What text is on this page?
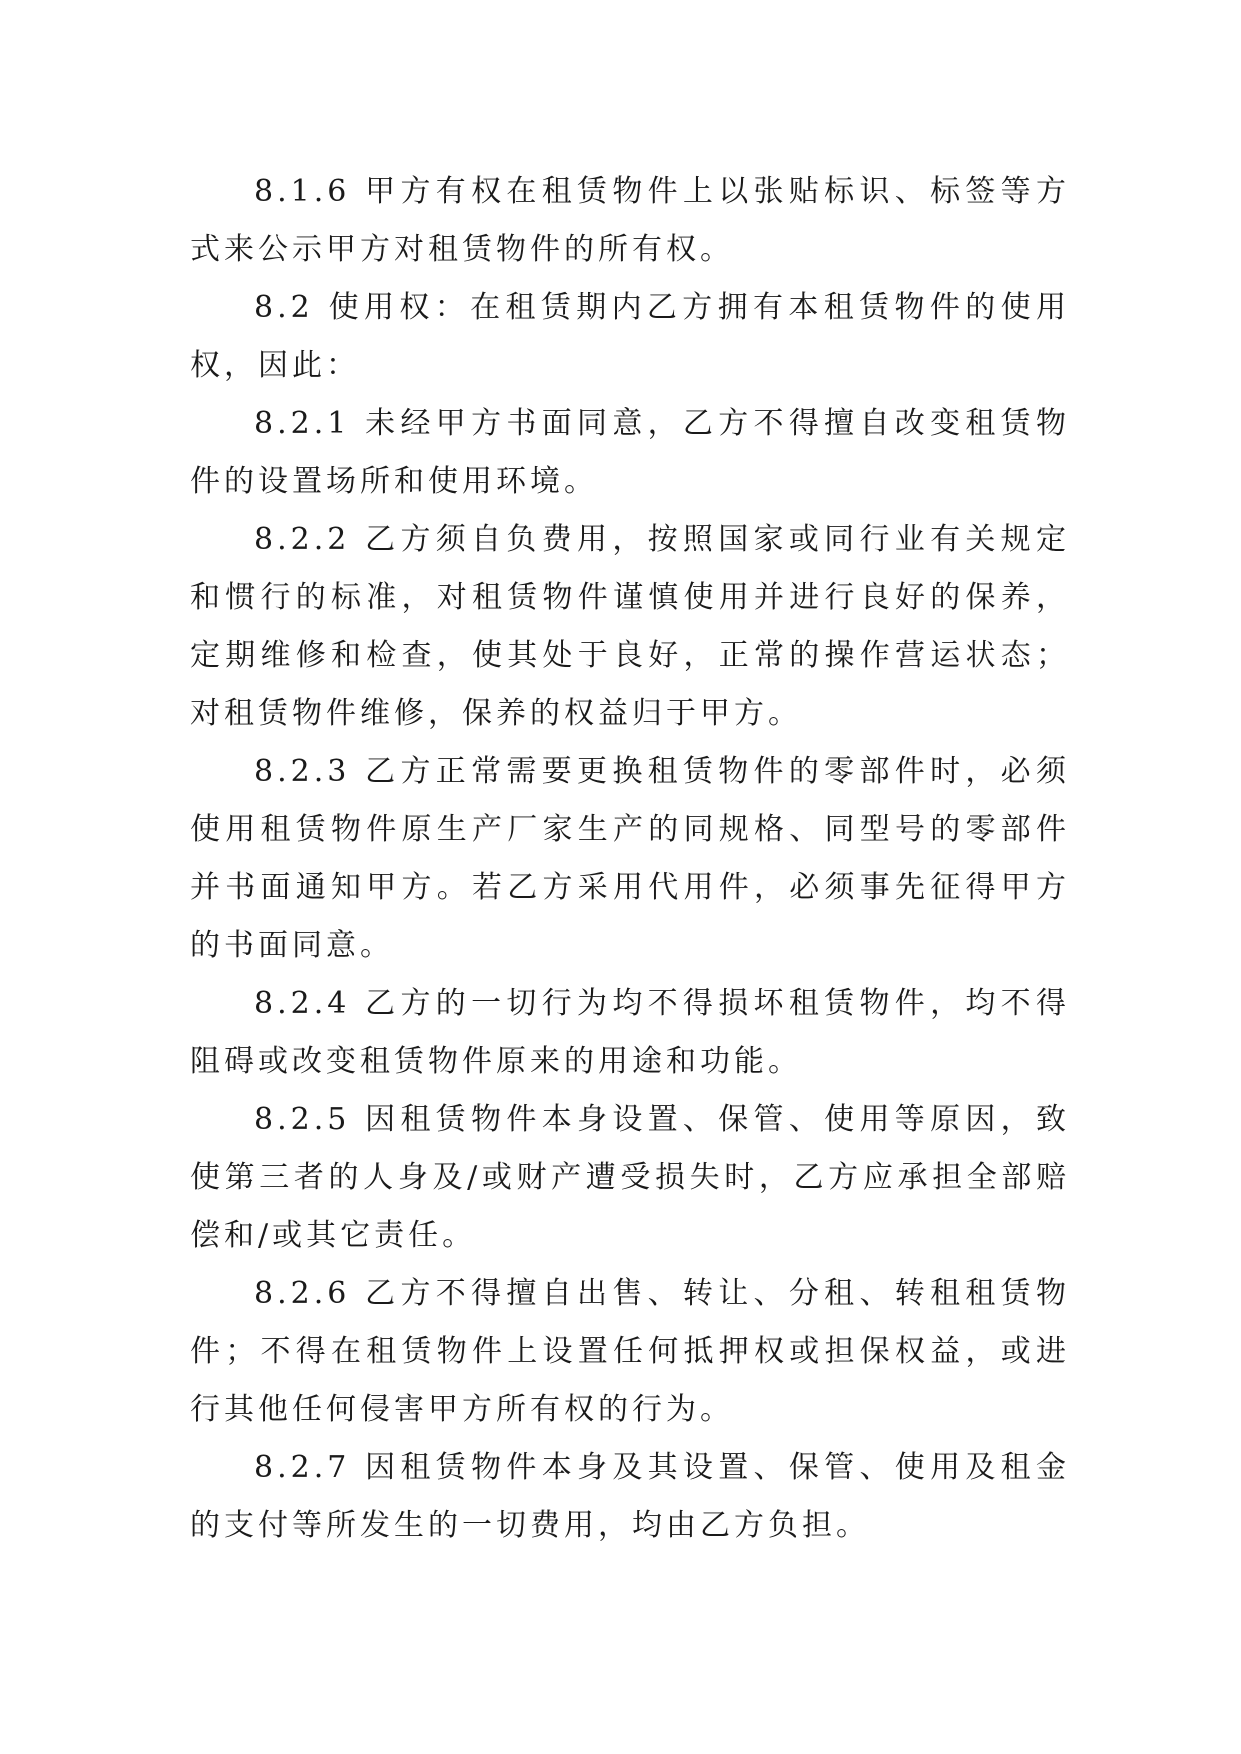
8.1.6 甲方有权在租赁物件上以张贴标识、标签等方式来公示甲方对租赁物件的所有权。

8.2 使用权：在租赁期内乙方拥有本租赁物件的使用权，因此：

8.2.1 未经甲方书面同意，乙方不得擅自改变租赁物件的设置场所和使用环境。

8.2.2 乙方须自负费用，按照国家或同行业有关规定和惯行的标准，对租赁物件谨慎使用并进行良好的保养，定期维修和检查，使其处于良好，正常的操作营运状态；对租赁物件维修，保养的权益归于甲方。

8.2.3 乙方正常需要更换租赁物件的零部件时，必须使用租赁物件原生产厂家生产的同规格、同型号的零部件并书面通知甲方。若乙方采用代用件，必须事先征得甲方的书面同意。

8.2.4 乙方的一切行为均不得损坏租赁物件，均不得阻碍或改变租赁物件原来的用途和功能。

8.2.5 因租赁物件本身设置、保管、使用等原因，致使第三者的人身及/或财产遭受损失时，乙方应承担全部赔偿和/或其它责任。

8.2.6 乙方不得擅自出售、转让、分租、转租租赁物件；不得在租赁物件上设置任何抵押权或担保权益，或进行其他任何侵害甲方所有权的行为。

8.2.7 因租赁物件本身及其设置、保管、使用及租金的支付等所发生的一切费用，均由乙方负担。
